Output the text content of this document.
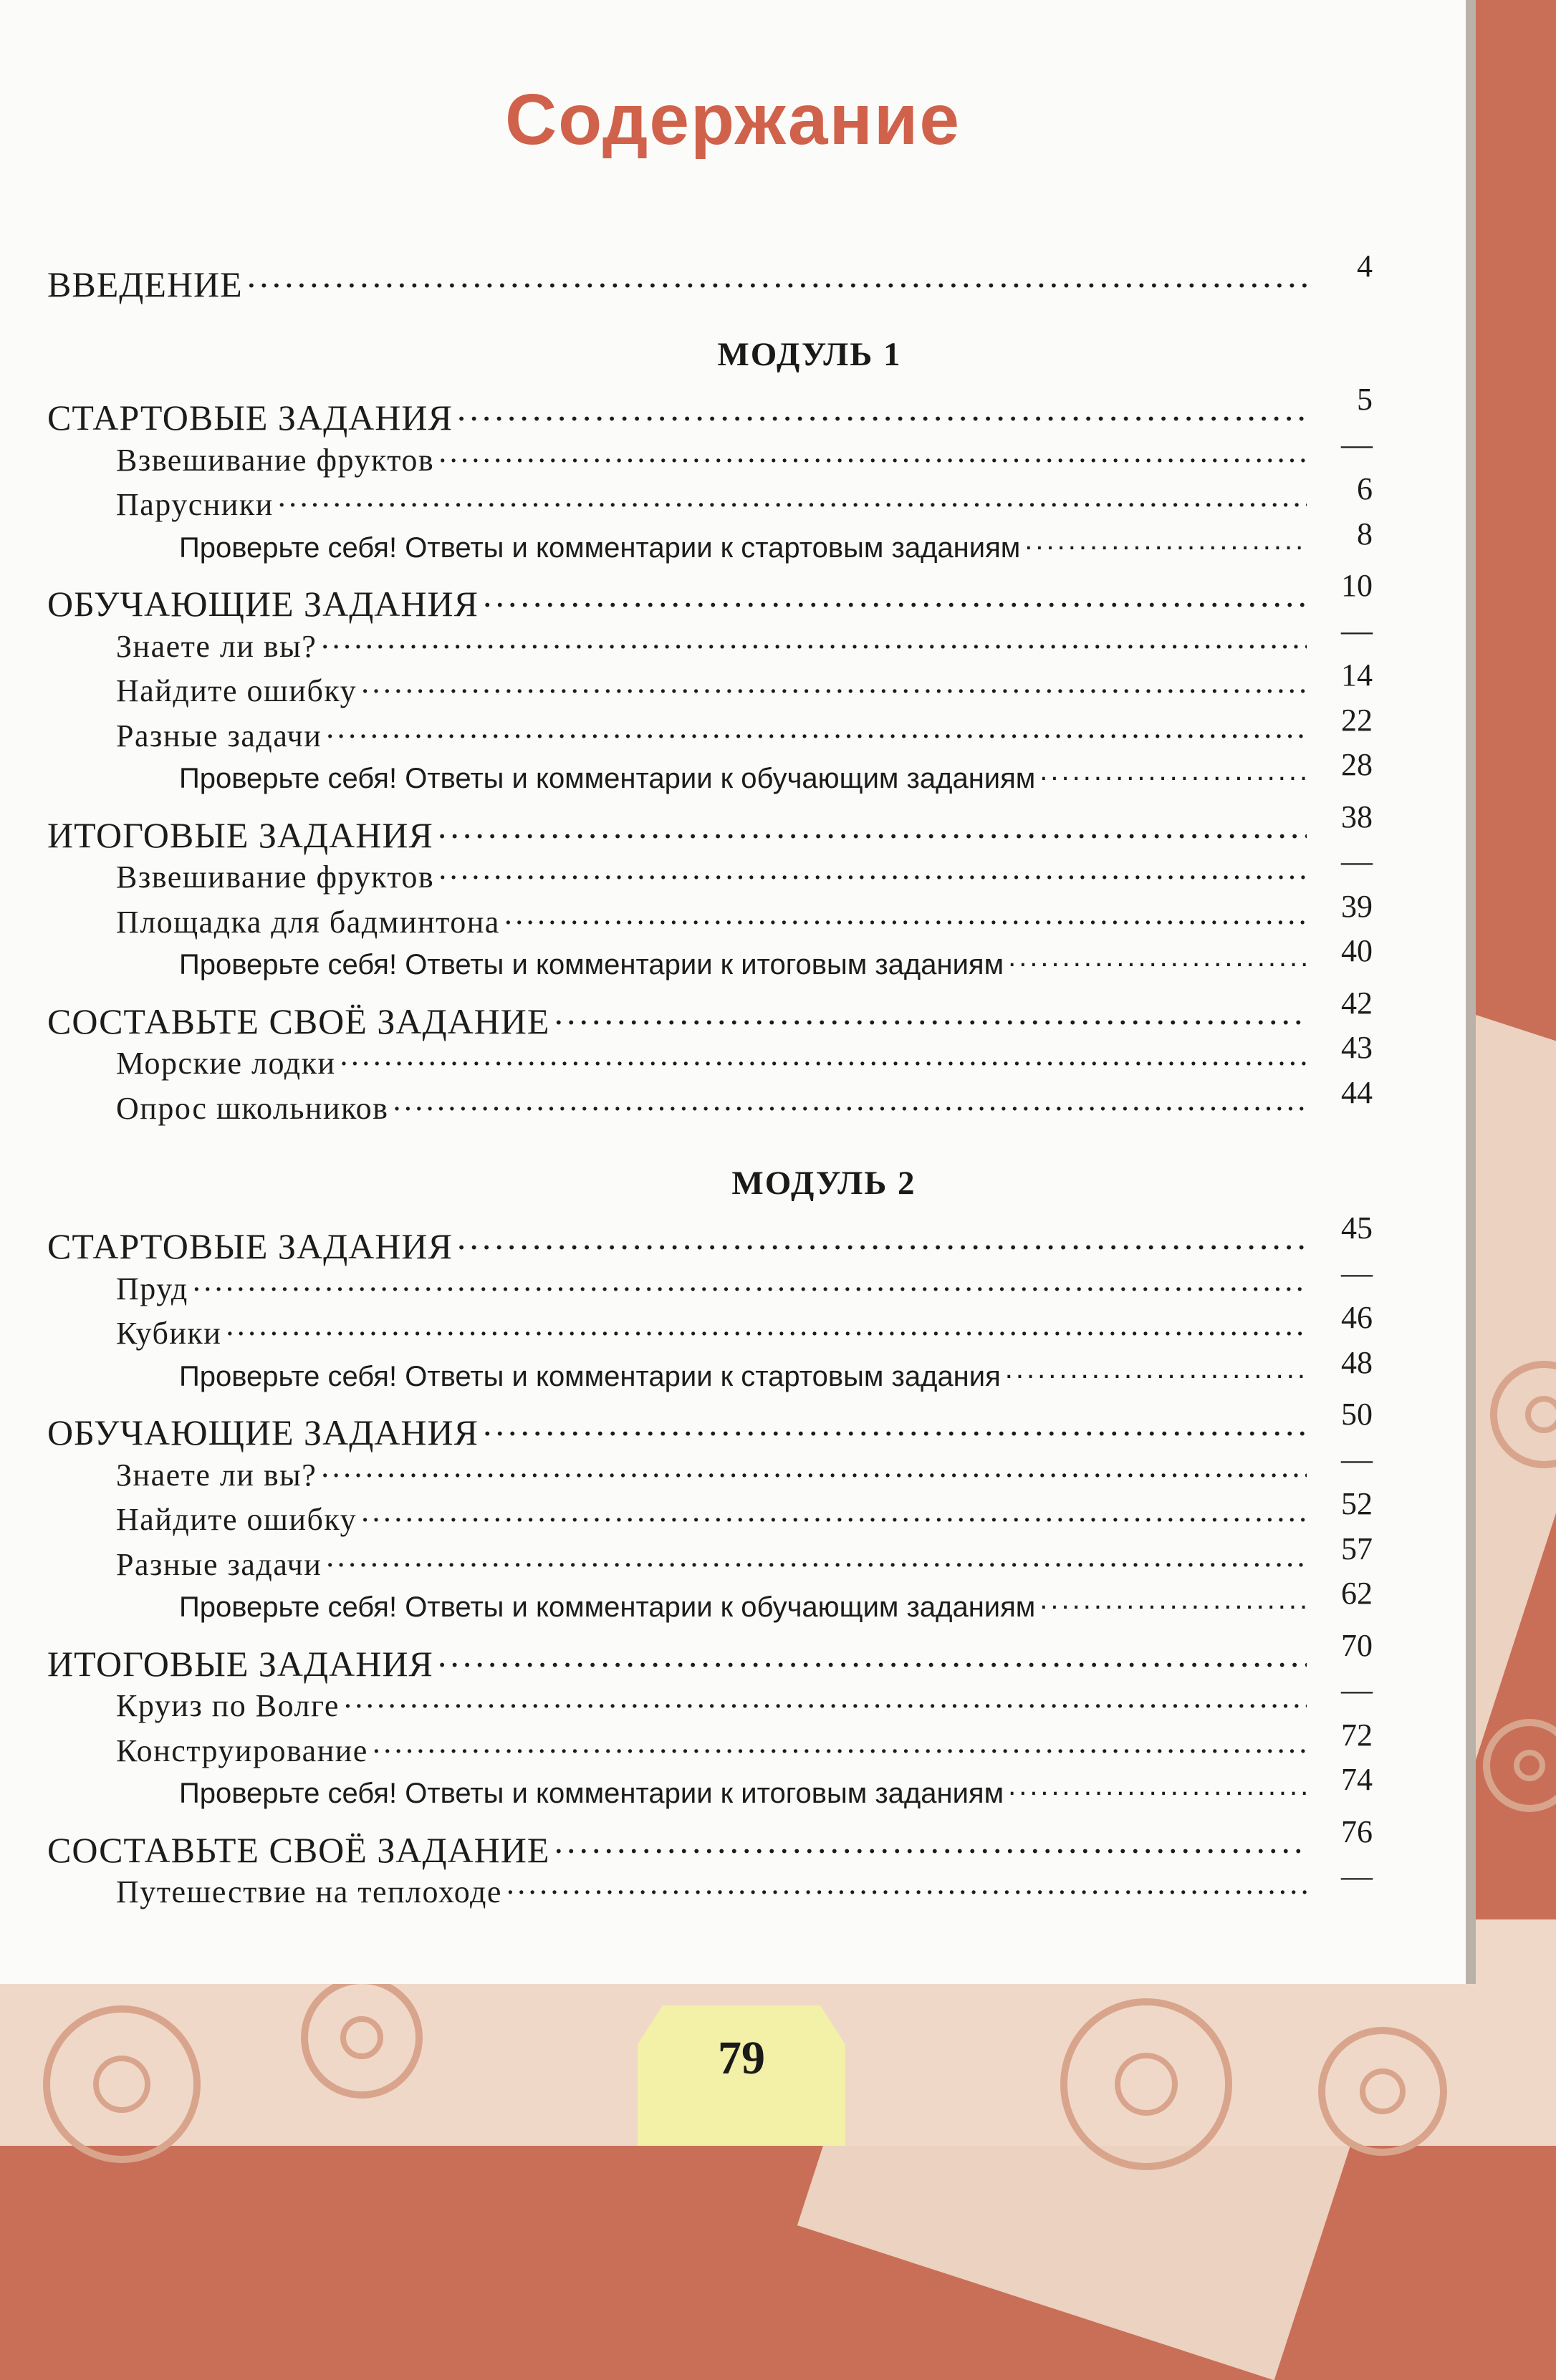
Содержание
ВВЕДЕНИЕ .....	4
МОДУЛЬ 1
СТАРТОВЫЕ ЗАДАНИЯ .....	5
Взвешивание фруктов .....	—
Парусники .....	6
Проверьте себя! Ответы и комментарии к стартовым заданиям .....	8
ОБУЧАЮЩИЕ ЗАДАНИЯ .....	10
Знаете ли вы? .....	—
Найдите ошибку .....	14
Разные задачи .....	22
Проверьте себя! Ответы и комментарии к обучающим заданиям .....	28
ИТОГОВЫЕ ЗАДАНИЯ .....	38
Взвешивание фруктов .....	—
Площадка для бадминтона .....	39
Проверьте себя! Ответы и комментарии к итоговым заданиям .....	40
СОСТАВЬТЕ СВОЁ ЗАДАНИЕ .....	42
Морские лодки .....	43
Опрос школьников .....	44
МОДУЛЬ 2
СТАРТОВЫЕ ЗАДАНИЯ .....	45
Пруд .....	—
Кубики .....	46
Проверьте себя! Ответы и комментарии к стартовым задания .....	48
ОБУЧАЮЩИЕ ЗАДАНИЯ .....	50
Знаете ли вы? .....	—
Найдите ошибку .....	52
Разные задачи .....	57
Проверьте себя! Ответы и комментарии к обучающим заданиям .....	62
ИТОГОВЫЕ ЗАДАНИЯ .....	70
Круиз по Волге .....	—
Конструирование .....	72
Проверьте себя! Ответы и комментарии к итоговым заданиям .....	74
СОСТАВЬТЕ СВОЁ ЗАДАНИЕ .....	76
Путешествие на теплоходе .....	—
79
